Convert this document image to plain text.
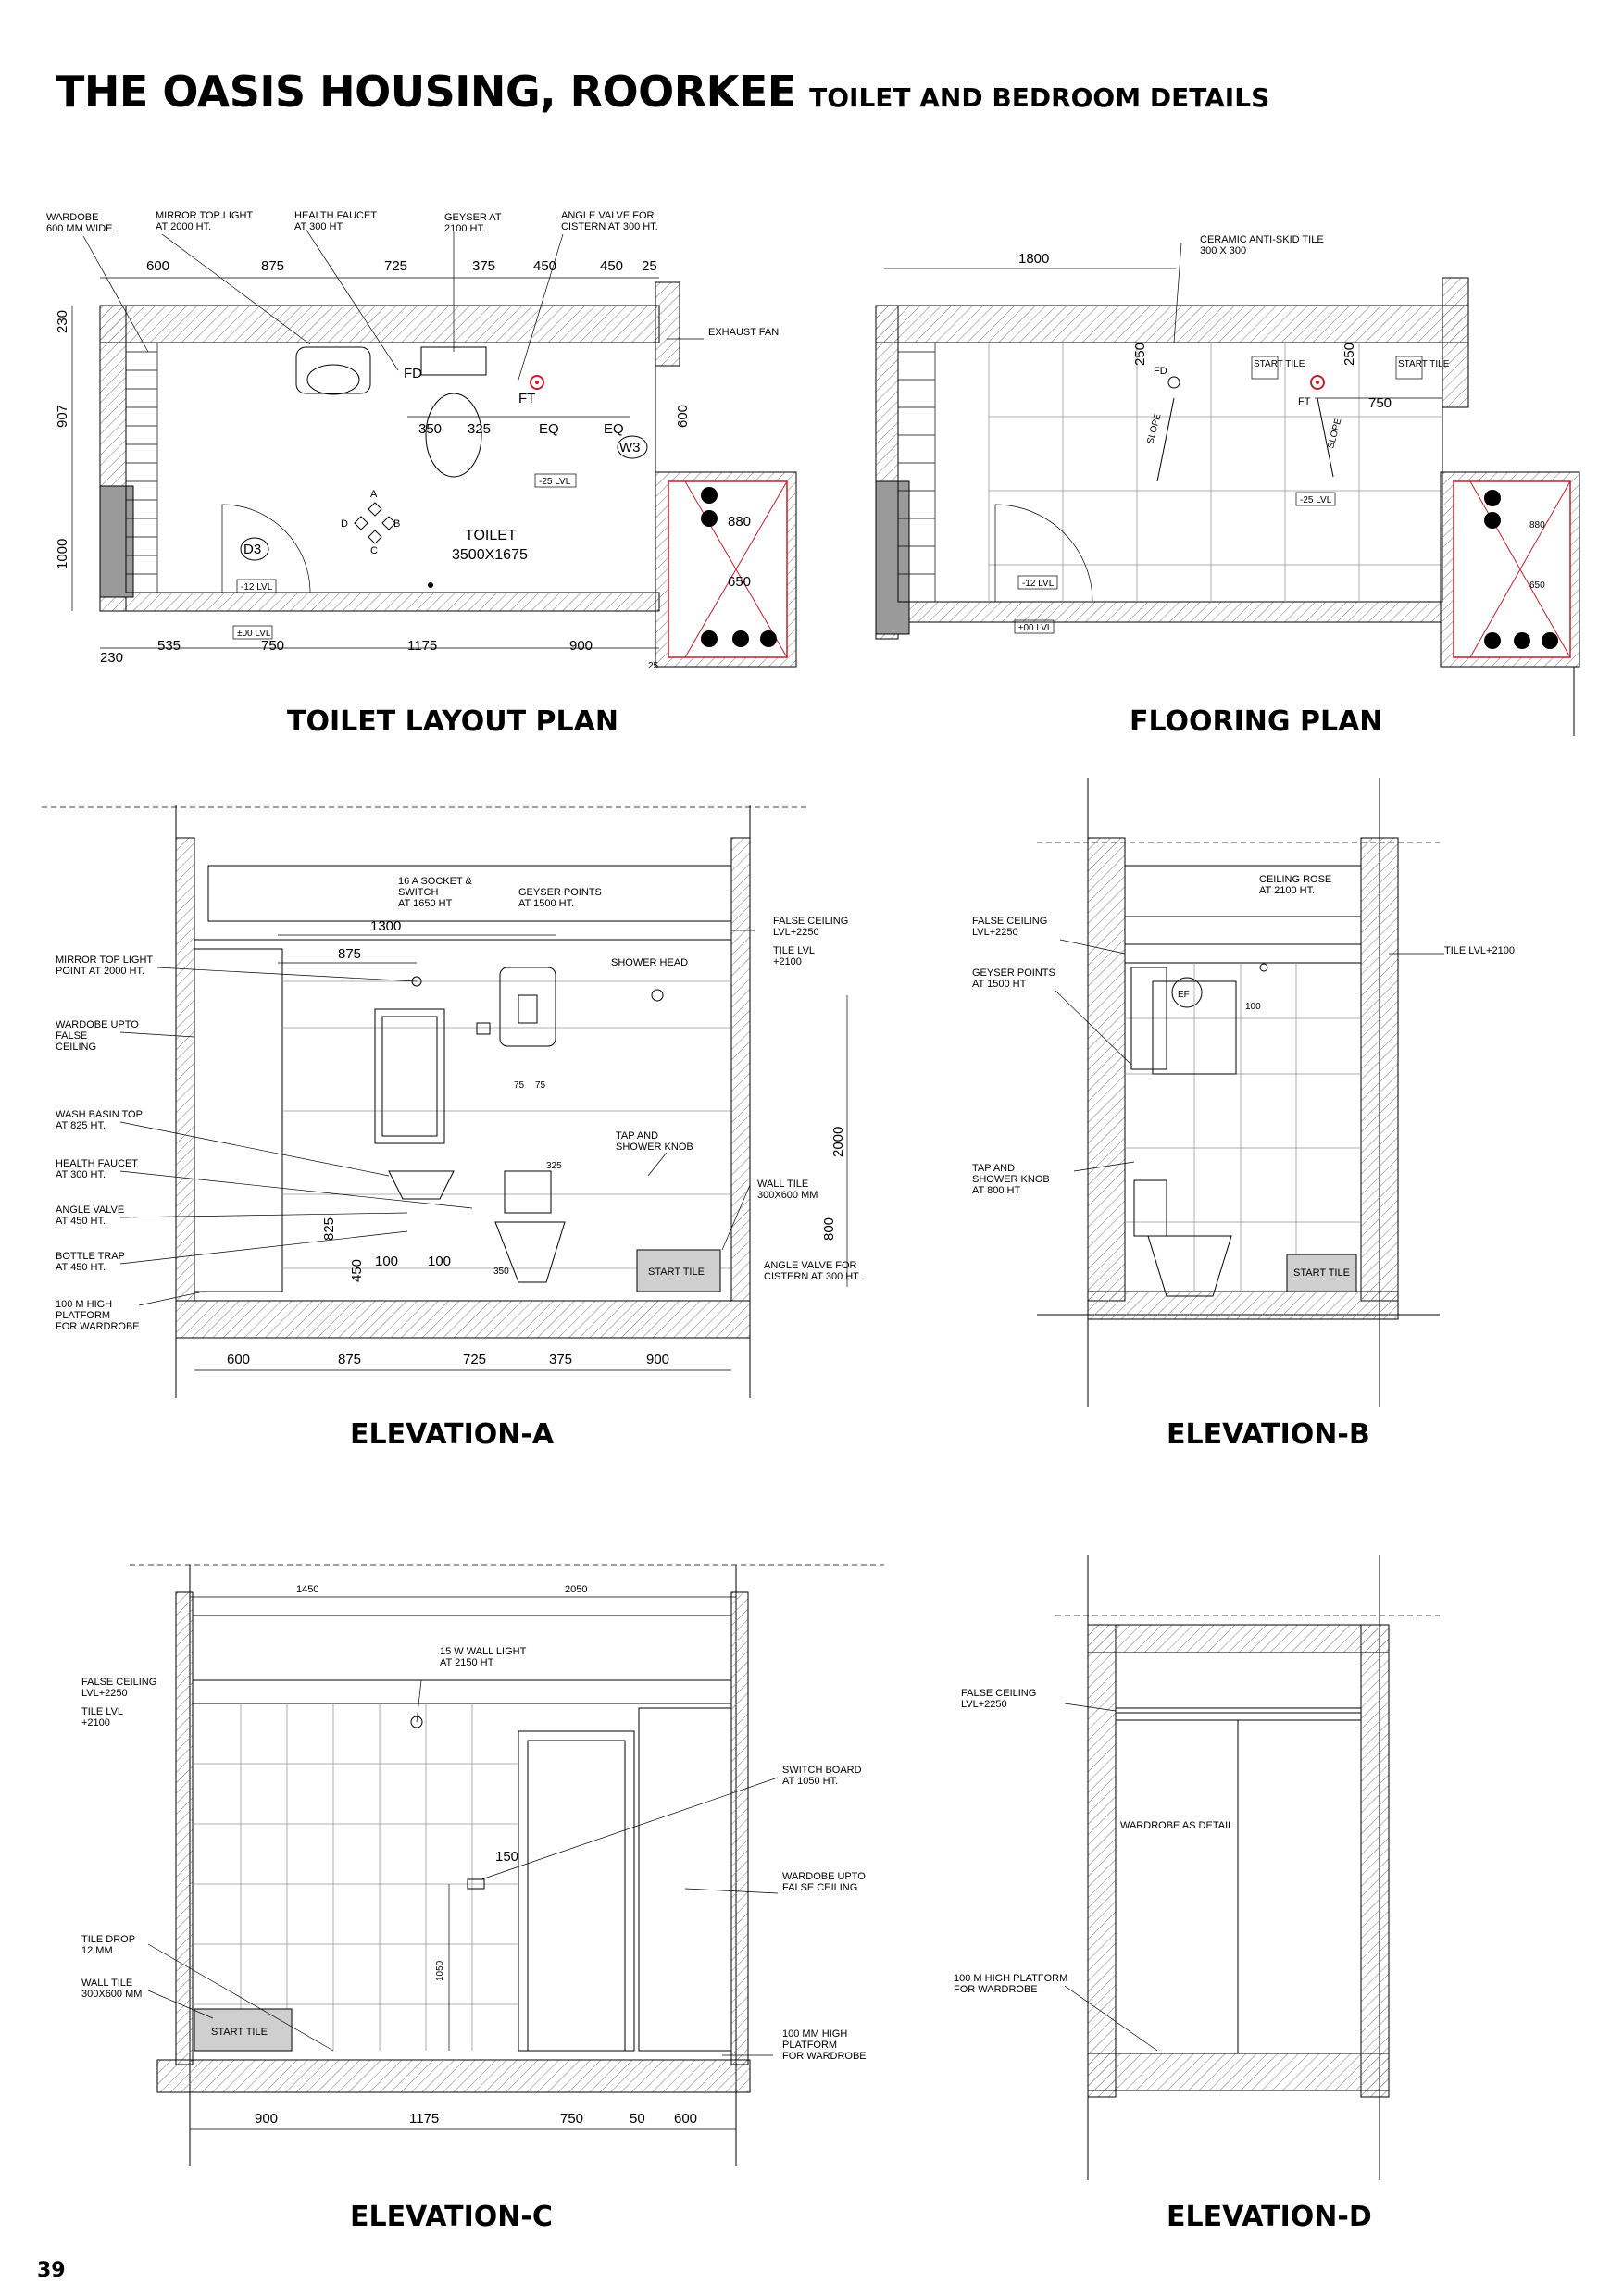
THE OASIS HOUSING, ROORKEE TOILET AND BEDROOM DETAILS
A
B
C
D
D3
W3
TOILET
3500X1675
FD
FT
-25 LVL
-12 LVL
±00 LVL
600	875	725	375	450	450 25
230
535	750	1175	900
25
230
907
1000
350 325	EQ	EQ
600
880
650
WARDOBE
600 MM WIDE
MIRROR TOP LIGHT
AT 2000 HT.
HEALTH FAUCET
AT 300 HT.
GEYSER AT
2100 HT.
ANGLE VALVE FOR
CISTERN AT 300 HT.
EXHAUST FAN
FD
FT
START TILE	START TILE
SLOPE	SLOPE
-25 LVL
-12 LVL
±00 LVL
1800
250	250
750
880
650
CERAMIC ANTI-SKID TILE
300 X 300
START TILE
16 A SOCKET &
SWITCH
AT 1650 HT
GEYSER POINTS
AT 1500 HT.
FALSE CEILING
LVL+2250
TILE LVL
+2100
MIRROR TOP LIGHT
POINT AT 2000 HT.
SHOWER HEAD
WARDOBE UPTO
FALSE
CEILING
WASH BASIN TOP
AT 825 HT.
HEALTH FAUCET
AT 300 HT.
TAP AND
SHOWER KNOB
WALL TILE
300X600 MM
ANGLE VALVE
AT 450 HT.
BOTTLE TRAP
AT 450 HT.	ANGLE VALVE FOR
CISTERN AT 300 HT.
100 M HIGH
PLATFORM
FOR WARDROBE
600	875	725	375	900
1300
875
75 75
325
825
450 100 100
350
2000
800
EF
100
START TILE
CEILING ROSE
AT 2100 HT.
FALSE CEILING
LVL+2250
TILE LVL+2100
GEYSER POINTS
AT 1500 HT
TAP AND
SHOWER KNOB
AT 800 HT
START TILE
15 W WALL LIGHT
AT 2150 HT
FALSE CEILING
LVL+2250
TILE LVL
+2100
SWITCH BOARD
AT 1050 HT.
WARDOBE UPTO
FALSE CEILING
TILE DROP
12 MM
WALL TILE
300X600 MM
100 MM HIGH
PLATFORM
FOR WARDROBE
1450	2050
150
1050
900	1175	750	50 600
FALSE CEILING
LVL+2250
WARDROBE AS DETAIL
100 M HIGH PLATFORM
FOR WARDROBE
TOILET LAYOUT PLAN	FLOORING PLAN
ELEVATION-A	ELEVATION-B
ELEVATION-C	ELEVATION-D
39
